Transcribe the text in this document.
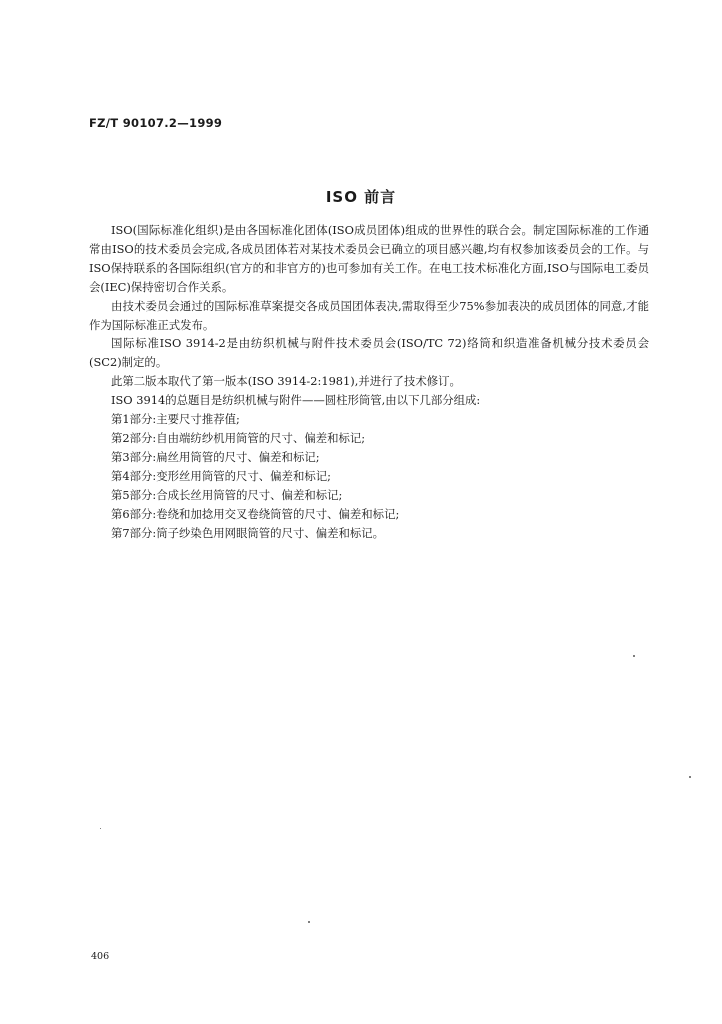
FZ/T 90107.2—1999
ISO 前言

ISO(国际标准化组织)是由各国标准化团体(ISO成员团体)组成的世界性的联合会。制定国际标准的工作通常由ISO的技术委员会完成,各成员团体若对某技术委员会已确立的项目感兴趣,均有权参加该委员会的工作。与ISO保持联系的各国际组织(官方的和非官方的)也可参加有关工作。在电工技术标准化方面,ISO与国际电工委员会(IEC)保持密切合作关系。

由技术委员会通过的国际标准草案提交各成员国团体表决,需取得至少75%参加表决的成员团体的同意,才能作为国际标准正式发布。

国际标准ISO 3914-2是由纺织机械与附件技术委员会(ISO/TC 72)络筒和织造准备机械分技术委员会(SC2)制定的。

此第二版本取代了第一版本(ISO 3914-2:1981),并进行了技术修订。

ISO 3914的总题目是纺织机械与附件——圆柱形筒管,由以下几部分组成:

第1部分:主要尺寸推荐值;

第2部分:自由端纺纱机用筒管的尺寸、偏差和标记;

第3部分:扁丝用筒管的尺寸、偏差和标记;

第4部分:变形丝用筒管的尺寸、偏差和标记;

第5部分:合成长丝用筒管的尺寸、偏差和标记;

第6部分:卷绕和加捻用交叉卷绕筒管的尺寸、偏差和标记;

第7部分:筒子纱染色用网眼筒管的尺寸、偏差和标记。

406
